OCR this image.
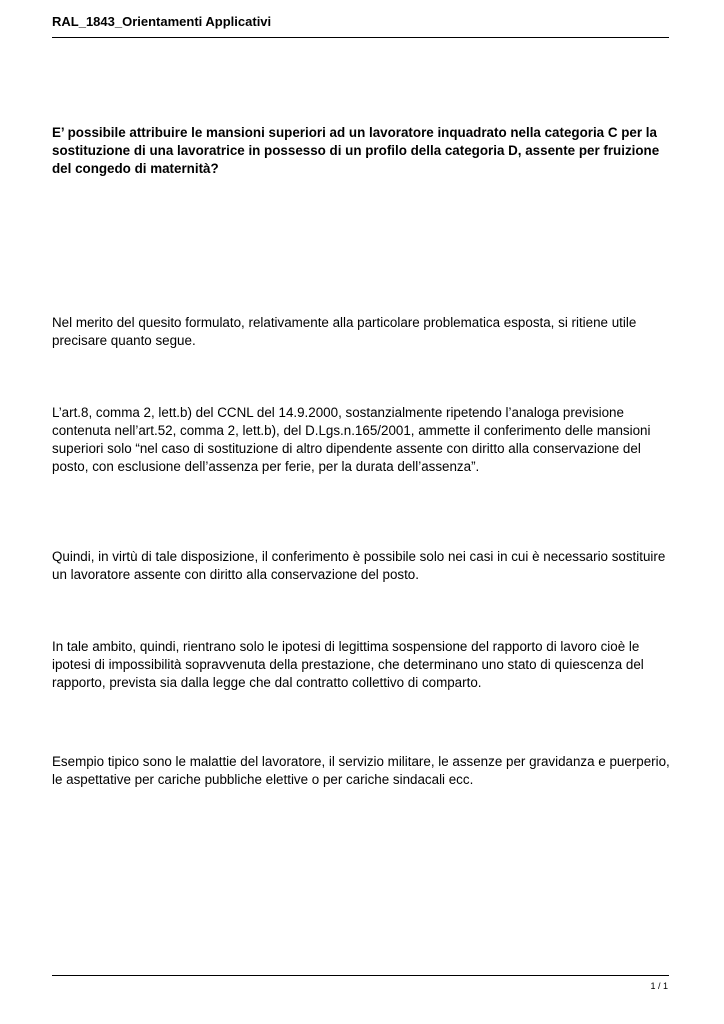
RAL_1843_Orientamenti Applicativi

E’ possibile attribuire le mansioni superiori ad un lavoratore inquadrato nella categoria C per la sostituzione di una lavoratrice in possesso di un profilo della categoria D, assente per fruizione del congedo di maternità?

Nel merito del quesito formulato, relativamente alla particolare problematica esposta, si ritiene utile precisare quanto segue.

L’art.8, comma 2, lett.b) del CCNL del 14.9.2000, sostanzialmente ripetendo l’analoga previsione contenuta nell’art.52, comma 2, lett.b), del D.Lgs.n.165/2001, ammette il conferimento delle mansioni superiori solo “nel caso di sostituzione di altro dipendente assente con diritto alla conservazione del posto, con esclusione dell’assenza per ferie, per la durata dell’assenza”.

Quindi, in virtù di tale disposizione, il conferimento è possibile solo nei casi in cui è necessario sostituire un lavoratore assente con diritto alla conservazione del posto.

In tale ambito, quindi, rientrano solo le ipotesi di legittima sospensione del rapporto di lavoro cioè le ipotesi di impossibilità sopravvenuta della prestazione, che determinano uno stato di quiescenza del rapporto, prevista sia dalla legge che dal contratto collettivo di comparto.

Esempio tipico sono le malattie del lavoratore, il servizio militare, le assenze per gravidanza e puerperio, le aspettative per cariche pubbliche elettive o per cariche sindacali ecc.

1 / 1
